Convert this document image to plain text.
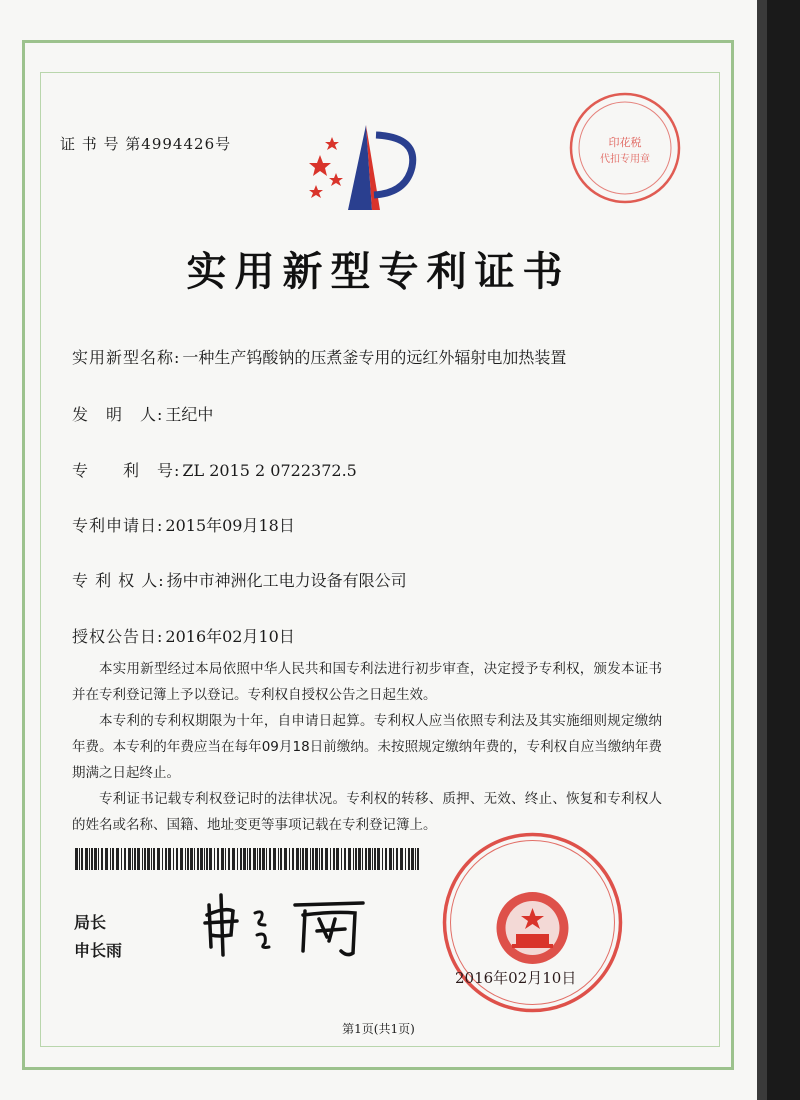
证 书 号 第4994426号	印花税
代扣专用章
实用新型专利证书
实用新型名称: 一种生产钨酸钠的压煮釜专用的远红外辐射电加热装置
发　明　人: 王纪中
专　　利　号: ZL 2015 2 0722372.5
专利申请日: 2015年09月18日
专 利 权 人: 扬中市神洲化工电力设备有限公司
授权公告日: 2016年02月10日

本实用新型经过本局依照中华人民共和国专利法进行初步审查，决定授予专利权，颁发本证书并在专利登记簿上予以登记。专利权自授权公告之日起生效。

本专利的专利权期限为十年，自申请日起算。专利权人应当依照专利法及其实施细则规定缴纳年费。本专利的年费应当在每年09月18日前缴纳。未按照规定缴纳年费的，专利权自应当缴纳年费期满之日起终止。

专利证书记载专利权登记时的法律状况。专利权的转移、质押、无效、终止、恢复和专利权人的姓名或名称、国籍、地址变更等事项记载在专利登记簿上。

局长
申长雨
2016年02月10日
第1页(共1页)
